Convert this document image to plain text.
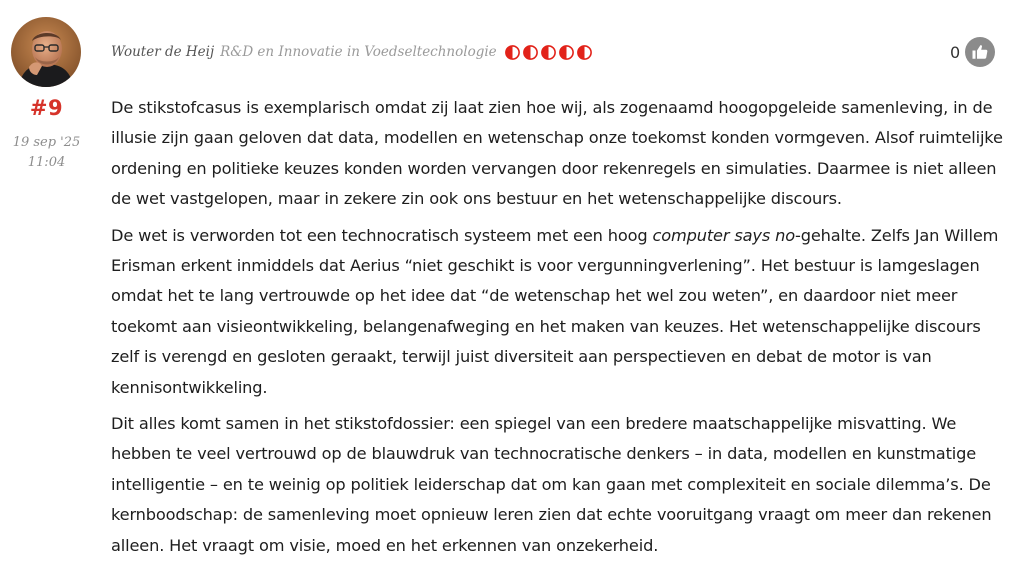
#9
19 sep '25
11:04
Wouter de Heij R&D en Innovatie in Voedseltechnologie	0

De stikstofcasus is exemplarisch omdat zij laat zien hoe wij, als zogenaamd hoogopgeleide samenleving, in de illusie zijn gaan geloven dat data, modellen en wetenschap onze toekomst konden vormgeven. Alsof ruimtelijke ordening en politieke keuzes konden worden vervangen door rekenregels en simulaties. Daarmee is niet alleen de wet vastgelopen, maar in zekere zin ook ons bestuur en het wetenschappelijke discours.

De wet is verworden tot een technocratisch systeem met een hoog computer says no-gehalte. Zelfs Jan Willem Erisman erkent inmiddels dat Aerius “niet geschikt is voor vergunningverlening”. Het bestuur is lamgeslagen omdat het te lang vertrouwde op het idee dat “de wetenschap het wel zou weten”, en daardoor niet meer toekomt aan visieontwikkeling, belangenafweging en het maken van keuzes. Het wetenschappelijke discours zelf is verengd en gesloten geraakt, terwijl juist diversiteit aan perspectieven en debat de motor is van kennisontwikkeling.

Dit alles komt samen in het stikstofdossier: een spiegel van een bredere maatschappelijke misvatting. We hebben te veel vertrouwd op de blauwdruk van technocratische denkers – in data, modellen en kunstmatige intelligentie – en te weinig op politiek leiderschap dat om kan gaan met complexiteit en sociale dilemma’s. De kernboodschap: de samenleving moet opnieuw leren zien dat echte vooruitgang vraagt om meer dan rekenen alleen. Het vraagt om visie, moed en het erkennen van onzekerheid.
